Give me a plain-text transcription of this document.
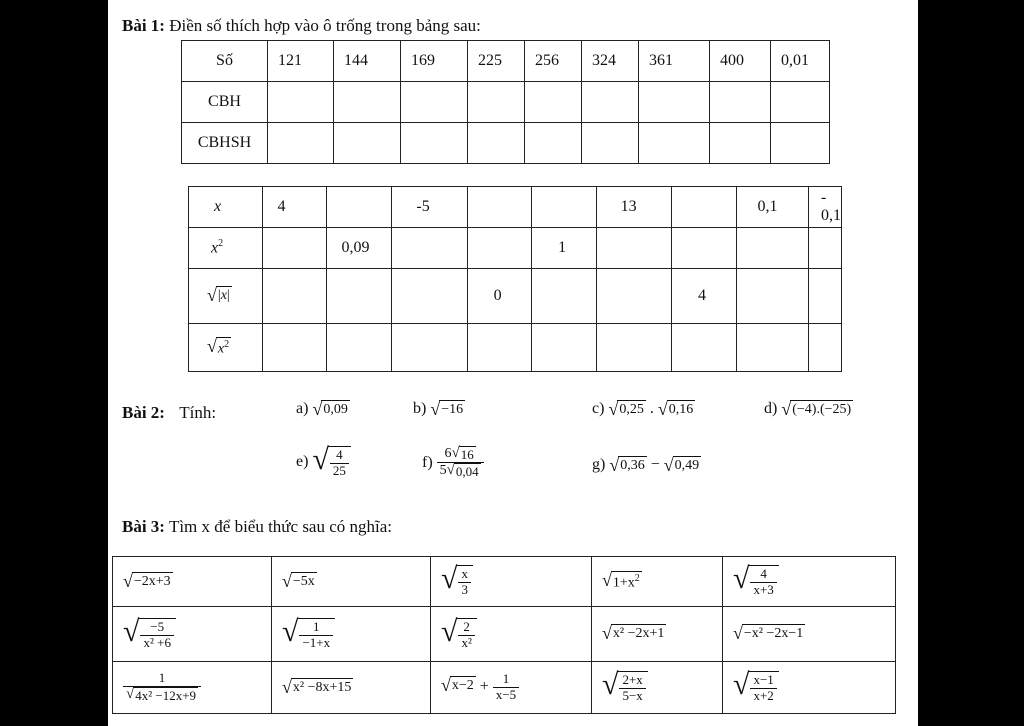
Bài 1: Điền số thích hợp vào ô trống trong bảng sau:
Số	121	144	169	225	256	324	361	400	0,01
CBH									
CBHSH									
x	4		-5			13		0,1	- 0,1
$x^2$		0,09			1				

√ |x|				0			4		

√ $x^2$

Bài 2: Tính:	a) √ 0,09	b) √ −16	c) √ 0,25 . √ 0,16	d) √ (−4).(−25)
e) √ $\frac{4}{25}$	$f) \frac{6 √ 16}{5 √ 0,04}$	g) √ 0,36 − √ 0,49
Bài 3: Tìm x để biểu thức sau có nghĩa:
√ −2x+3	√ −5x	√ $\frac{x}{3}$	√ $1+x^2$	√ $\frac{4}{x+3}$

√ $\frac{-5}{\text{x² +6}}$	√ $\frac{1}{-1+x}$	√ $\frac{2}{\text{x²}}$	√ x² −2x+1	√ −x² −2x−1

$\frac{1}{\text{√ 4x² −12x+9}}$	√ x² −8x+15	√ $x-2 + \frac{1}{x-5}$	√ $\frac{2+x}{5-x}$	√ $\frac{x-1}{x+2}$
